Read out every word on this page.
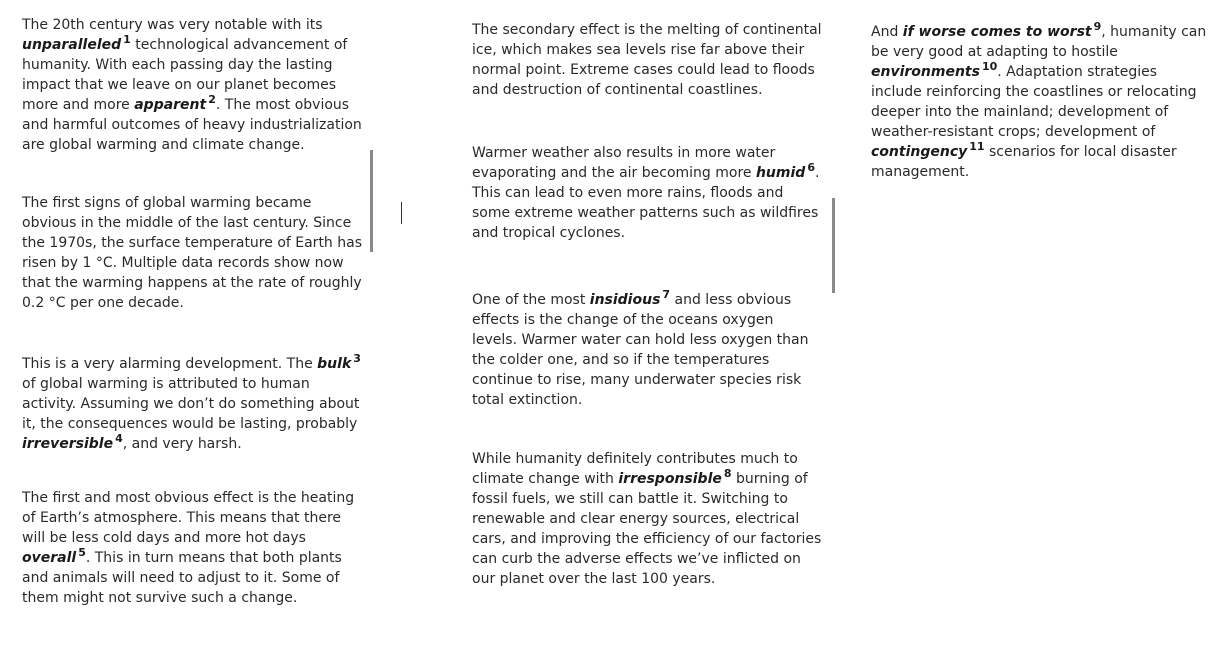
The 20th century was very notable with its unparalleled $^1$ technological advancement of humanity. With each passing day the lasting impact that we leave on our planet becomes more and more apparent $^2$. The most obvious and harmful outcomes of heavy industrialization are global warming and climate change.

The first signs of global warming became obvious in the middle of the last century. Since the 1970s, the surface temperature of Earth has risen by 1 °C. Multiple data records show now that the warming happens at the rate of roughly 0.2 °C per one decade.

This is a very alarming development. The bulk $^3$ of global warming is attributed to human activity. Assuming we don’t do something about it, the consequences would be lasting, probably irreversible $^4$, and very harsh.

The first and most obvious effect is the heating of Earth’s atmosphere. This means that there will be less cold days and more hot days overall $^5$. This in turn means that both plants and animals will need to adjust to it. Some of them might not survive such a change.

The secondary effect is the melting of continental ice, which makes sea levels rise far above their normal point. Extreme cases could lead to floods and destruction of continental coastlines.

Warmer weather also results in more water evaporating and the air becoming more humid $^6$. This can lead to even more rains, floods and some extreme weather patterns such as wildfires and tropical cyclones.

One of the most insidious $^7$ and less obvious effects is the change of the oceans oxygen levels. Warmer water can hold less oxygen than the colder one, and so if the temperatures continue to rise, many underwater species risk total extinction.

While humanity definitely contributes much to climate change with irresponsible $^8$ burning of fossil fuels, we still can battle it. Switching to renewable and clear energy sources, electrical cars, and improving the efficiency of our factories can curb the adverse effects we’ve inflicted on our planet over the last 100 years.

And if worse comes to worst $^9$, humanity can be very good at adapting to hostile environments $^{10}$. Adaptation strategies include reinforcing the coastlines or relocating deeper into the mainland; development of weather-resistant crops; development of contingency $^{11}$ scenarios for local disaster management.
